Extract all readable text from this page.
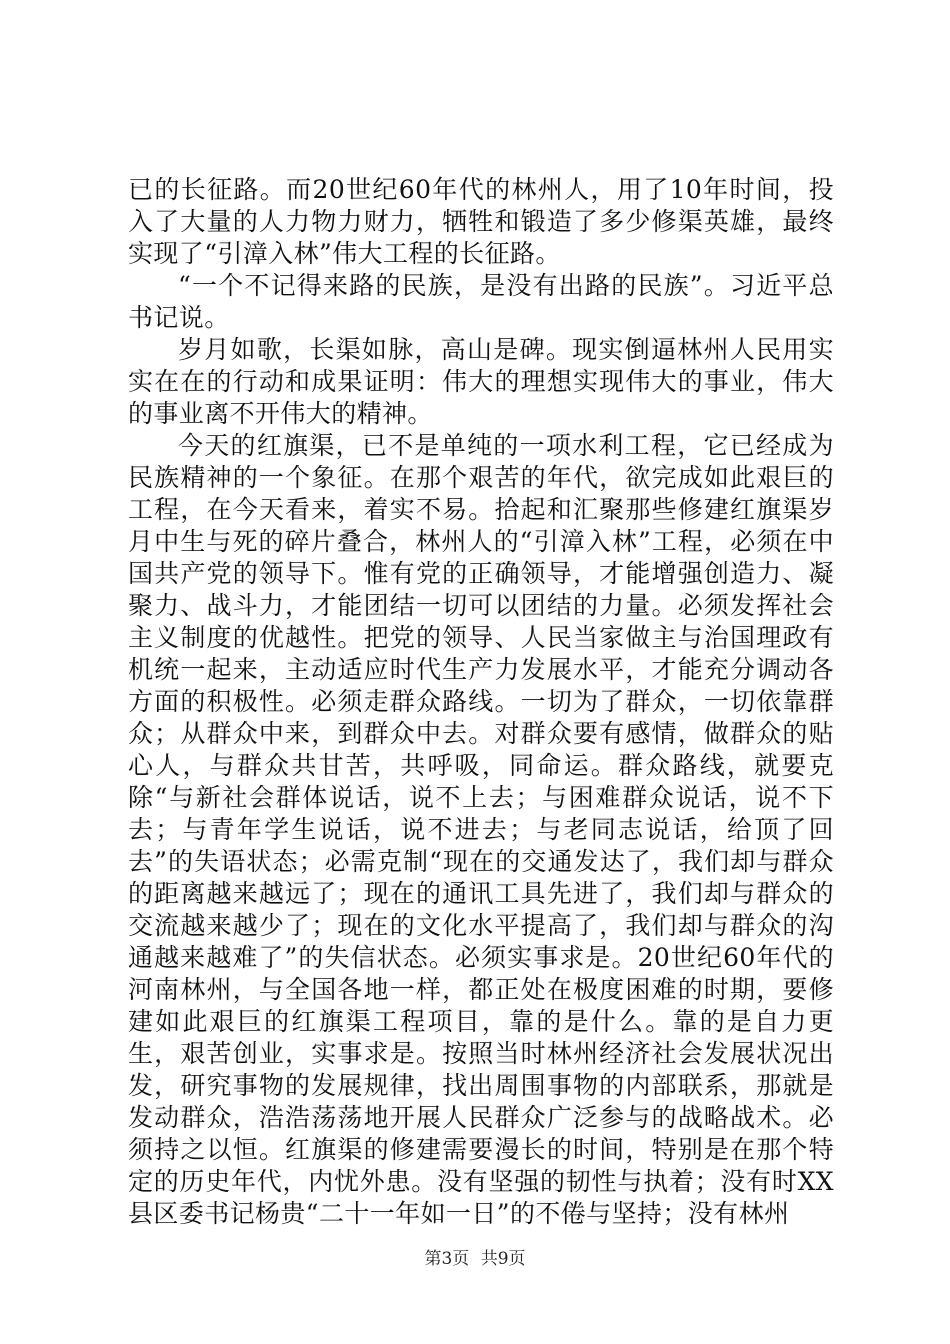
已的长征路。而20世纪60年代的林州人，用了10年时间，投入了大量的人力物力财力，牺牲和锻造了多少修渠英雄，最终实现了“引漳入林”伟大工程的长征路。

“一个不记得来路的民族，是没有出路的民族”。习近平总书记说。

岁月如歌，长渠如脉，高山是碑。现实倒逼林州人民用实实在在的行动和成果证明：伟大的理想实现伟大的事业，伟大的事业离不开伟大的精神。

今天的红旗渠，已不是单纯的一项水利工程，它已经成为民族精神的一个象征。在那个艰苦的年代，欲完成如此艰巨的工程，在今天看来，着实不易。拾起和汇聚那些修建红旗渠岁月中生与死的碎片叠合，林州人的“引漳入林”工程，必须在中国共产党的领导下。惟有党的正确领导，才能增强创造力、凝聚力、战斗力，才能团结一切可以团结的力量。必须发挥社会主义制度的优越性。把党的领导、人民当家做主与治国理政有机统一起来，主动适应时代生产力发展水平，才能充分调动各方面的积极性。必须走群众路线。一切为了群众，一切依靠群众；从群众中来，到群众中去。对群众要有感情，做群众的贴心人，与群众共甘苦，共呼吸，同命运。群众路线，就要克除“与新社会群体说话，说不上去；与困难群众说话，说不下去；与青年学生说话，说不进去；与老同志说话，给顶了回去”的失语状态；必需克制“现在的交通发达了，我们却与群众的距离越来越远了；现在的通讯工具先进了，我们却与群众的交流越来越少了；现在的文化水平提高了，我们却与群众的沟通越来越难了”的失信状态。必须实事求是。20世纪60年代的河南林州，与全国各地一样，都正处在极度困难的时期，要修建如此艰巨的红旗渠工程项目，靠的是什么。靠的是自力更生，艰苦创业，实事求是。按照当时林州经济社会发展状况出发，研究事物的发展规律，找出周围事物的内部联系，那就是发动群众，浩浩荡荡地开展人民群众广泛参与的战略战术。必须持之以恒。红旗渠的修建需要漫长的时间，特别是在那个特定的历史年代，内忧外患。没有坚强的韧性与执着；没有时XX县区委书记杨贵“二十一年如一日”的不倦与坚持；没有林州

第3页 共9页
